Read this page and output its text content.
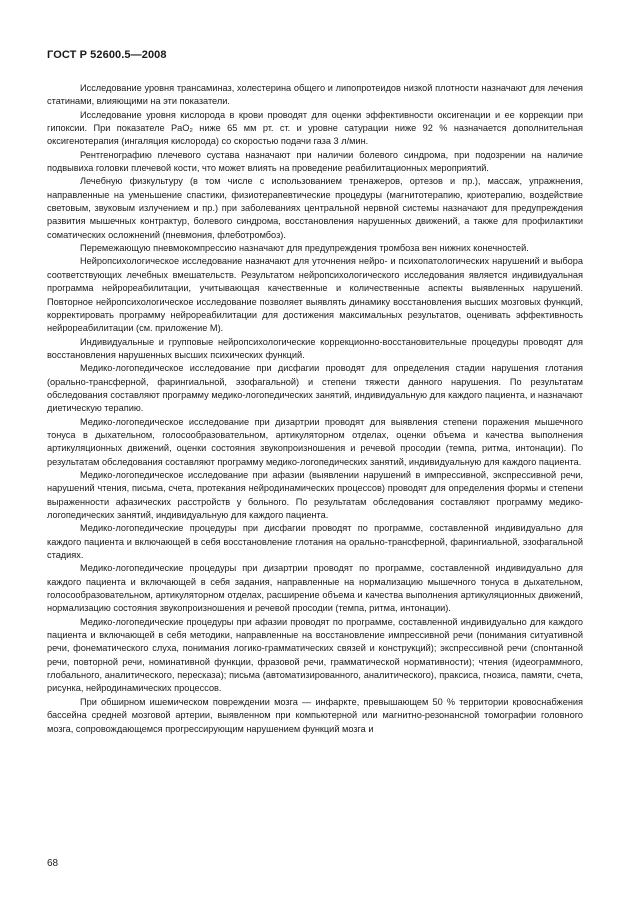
ГОСТ Р 52600.5—2008

Исследование уровня трансаминаз, холестерина общего и липопротеидов низкой плотности назначают для лечения статинами, влияющими на эти показатели.

Исследование уровня кислорода в крови проводят для оценки эффективности оксигенации и ее коррекции при гипоксии. При показателе PaO₂ ниже 65 мм рт. ст. и уровне сатурации ниже 92 % назначается дополнительная оксигенотерапия (ингаляция кислорода) со скоростью подачи газа 3 л/мин.

Рентгенографию плечевого сустава назначают при наличии болевого синдрома, при подозрении на наличие подвывиха головки плечевой кости, что может влиять на проведение реабилитационных мероприятий.

Лечебную физкультуру (в том числе с использованием тренажеров, ортезов и пр.), массаж, упражнения, направленные на уменьшение спастики, физиотерапевтические процедуры (магнитотерапию, криотерапию, воздействие световым, звуковым излучением и пр.) при заболеваниях центральной нервной системы назначают для предупреждения развития мышечных контрактур, болевого синдрома, восстановления нарушенных движений, а также для профилактики соматических осложнений (пневмония, флеботромбоз).

Перемежающую пневмокомпрессию назначают для предупреждения тромбоза вен нижних конечностей.

Нейропсихологическое исследование назначают для уточнения нейро- и психопатологических нарушений и выбора соответствующих лечебных вмешательств. Результатом нейропсихологического исследования является индивидуальная программа нейрореабилитации, учитывающая качественные и количественные аспекты выявленных нарушений. Повторное нейропсихологическое исследование позволяет выявлять динамику восстановления высших мозговых функций, корректировать программу нейрореабилитации для достижения максимальных результатов, оценивать эффективность нейрореабилитации (см. приложение М).

Индивидуальные и групповые нейропсихологические коррекционно-восстановительные процедуры проводят для восстановления нарушенных высших психических функций.

Медико-логопедическое исследование при дисфагии проводят для определения стадии нарушения глотания (орально-трансферной, фарингиальной, эзофагальной) и степени тяжести данного нарушения. По результатам обследования составляют программу медико-логопедических занятий, индивидуальную для каждого пациента, и назначают диетическую терапию.

Медико-логопедическое исследование при дизартрии проводят для выявления степени поражения мышечного тонуса в дыхательном, голосообразовательном, артикуляторном отделах, оценки объема и качества выполнения артикуляционных движений, оценки состояния звукопроизношения и речевой просодии (темпа, ритма, интонации). По результатам обследования составляют программу медико-логопедических занятий, индивидуальную для каждого пациента.

Медико-логопедическое исследование при афазии (выявлении нарушений в импрессивной, экспрессивной речи, нарушений чтения, письма, счета, протекания нейродинамических процессов) проводят для определения формы и степени выраженности афазических расстройств у больного. По результатам обследования составляют программу медико-логопедических занятий, индивидуальную для каждого пациента.

Медико-логопедические процедуры при дисфагии проводят по программе, составленной индивидуально для каждого пациента и включающей в себя восстановление глотания на орально-трансферной, фарингиальной, эзофагальной стадиях.

Медико-логопедические процедуры при дизартрии проводят по программе, составленной индивидуально для каждого пациента и включающей в себя задания, направленные на нормализацию мышечного тонуса в дыхательном, голосообразовательном, артикуляторном отделах, расширение объема и качества выполнения артикуляционных движений, нормализацию состояния звукопроизношения и речевой просодии (темпа, ритма, интонации).

Медико-логопедические процедуры при афазии проводят по программе, составленной индивидуально для каждого пациента и включающей в себя методики, направленные на восстановление импрессивной речи (понимания ситуативной речи, фонематического слуха, понимания логико-грамматических связей и конструкций); экспрессивной речи (спонтанной речи, повторной речи, номинативной функции, фразовой речи, грамматической нормативности); чтения (идеограммного, глобального, аналитического, пересказа); письма (автоматизированного, аналитического), праксиса, гнозиса, памяти, счета, рисунка, нейродинамических процессов.

При обширном ишемическом повреждении мозга — инфаркте, превышающем 50 % территории кровоснабжения бассейна средней мозговой артерии, выявленном при компьютерной или магнитно-резонансной томографии головного мозга, сопровождающемся прогрессирующим нарушением функций мозга и

68
